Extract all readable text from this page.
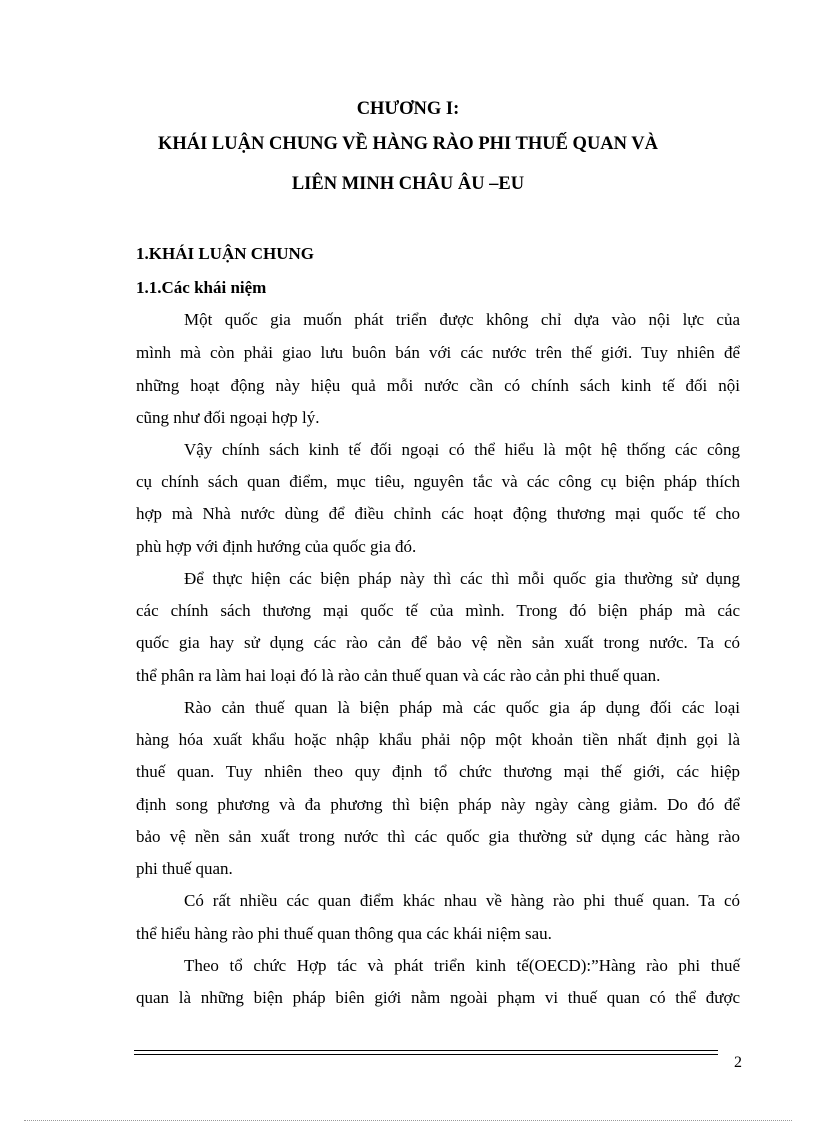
CHƯƠNG I:
KHÁI LUẬN CHUNG VỀ HÀNG RÀO PHI THUẾ QUAN VÀ
LIÊN MINH CHÂU ÂU –EU
1.KHÁI LUẬN CHUNG
1.1.Các khái niệm
Một quốc gia muốn phát triển được không chỉ dựa vào nội lực của
mình mà còn phải giao lưu buôn bán với các nước trên thế giới. Tuy nhiên để
những hoạt động này hiệu quả mỗi nước cần có chính sách kinh tế đối nội
cũng như đối ngoại hợp lý.
Vậy chính sách kinh tế đối ngoại có thể hiểu là một hệ thống các công
cụ chính sách quan điểm, mục tiêu, nguyên tắc và các công cụ biện pháp thích
hợp mà Nhà nước dùng để điều chỉnh các hoạt động thương mại quốc tế cho
phù hợp với định hướng của quốc gia đó.
Để thực hiện các biện pháp này thì các thì mỗi quốc gia thường sử dụng
các chính sách thương mại quốc tế của mình. Trong đó biện pháp mà các
quốc gia hay sử dụng các rào cản để bảo vệ nền sản xuất trong nước. Ta có
thể phân ra làm hai loại đó là rào cản thuế quan và các rào cản phi thuế quan.
Rào cản thuế quan là biện pháp mà các quốc gia áp dụng đối các loại
hàng hóa xuất khẩu hoặc nhập khẩu phải nộp một khoản tiền nhất định gọi là
thuế quan. Tuy nhiên theo quy định tổ chức thương mại thế giới, các hiệp
định song phương và đa phương thì biện pháp này ngày càng giảm. Do đó để
bảo vệ nền sản xuất trong nước thì các quốc gia thường sử dụng các hàng rào
phi thuế quan.
Có rất nhiều các quan điểm khác nhau về hàng rào phi thuế quan. Ta có
thể hiểu hàng rào phi thuế quan thông qua các khái niệm sau.
Theo tổ chức Hợp tác và phát triển kinh tế(OECD):”Hàng rào phi thuế
quan là những biện pháp biên giới nằm ngoài phạm vi thuế quan có thể được
2
